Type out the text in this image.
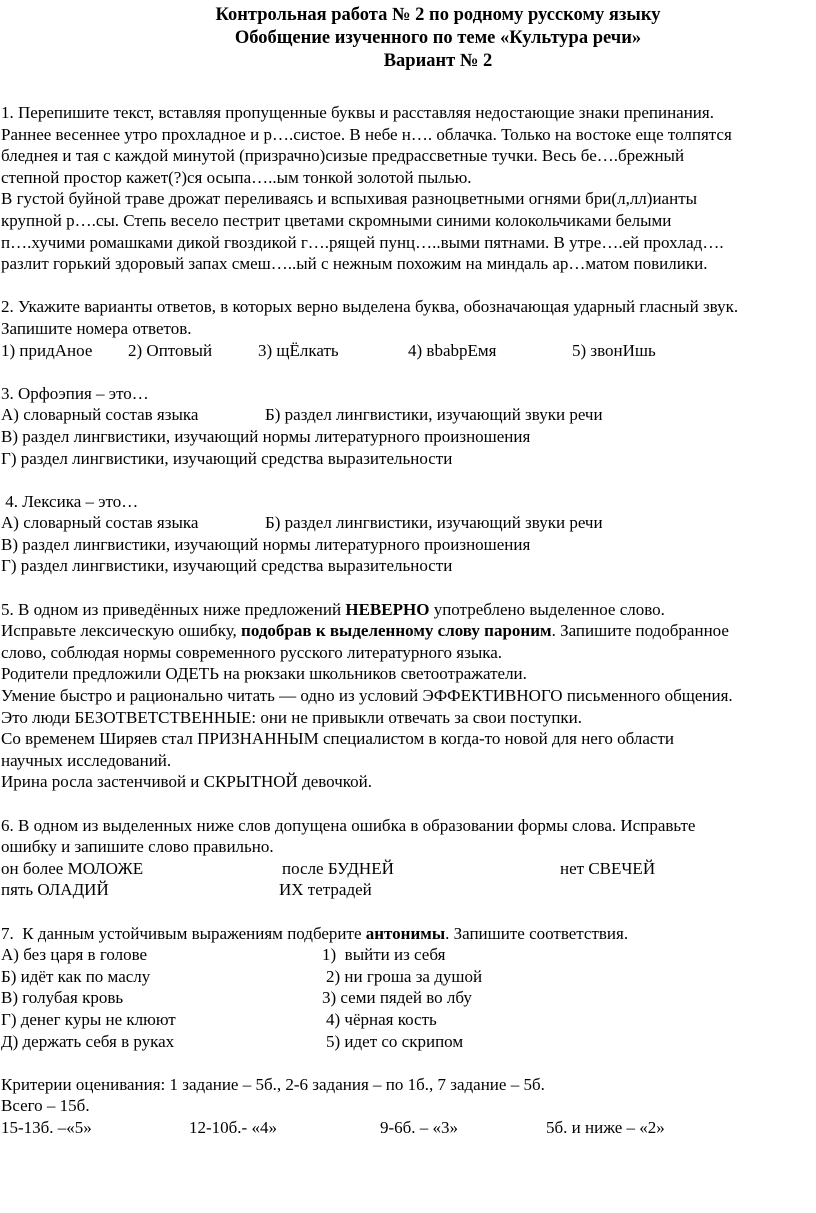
Контрольная работа № 2 по родному русскому языку
Обобщение изученного по теме «Культура речи»
Вариант № 2

1. Перепишите текст, вставляя пропущенные буквы и расставляя недостающие знаки препинания.

Раннее весеннее утро прохладное и р….систое. В небе н…. облачка. Только на востоке еще толпятся

бледнея и тая с каждой минутой (призрачно)сизые предрассветные тучки. Весь бе….брежный

степной простор кажет(?)ся осыпа…..ым тонкой золотой пылью.

В густой буйной траве дрожат переливаясь и вспыхивая разноцветными огнями бри(л,лл)ианты

крупной р….сы. Степь весело пестрит цветами скромными синими колокольчиками белыми

п….хучими ромашками дикой гвоздикой г….рящей пунц…..выми пятнами. В утре….ей прохлад….

разлит горький здоровый запах смеш…..ый с нежным похожим на миндаль ар…матом повилики.

2. Укажите варианты ответов, в которых верно выделена буква, обозначающая ударный гласный звук.

Запишите номера ответов.

1) придАное 2) Оптовый	3) щЁлкать	4) вbabрЕмя	5) звонИшь

3. Орфоэпия – это…

А) словарный состав языка	Б) раздел лингвистики, изучающий звуки речи

В) раздел лингвистики, изучающий нормы литературного произношения

Г) раздел лингвистики, изучающий средства выразительности

4. Лексика – это…

А) словарный состав языка	Б) раздел лингвистики, изучающий звуки речи

В) раздел лингвистики, изучающий нормы литературного произношения

Г) раздел лингвистики, изучающий средства выразительности

5. В одном из приведённых ниже предложений НЕВЕРНО употреблено выделенное слово.

Исправьте лексическую ошибку, подобрав к выделенному слову пароним. Запишите подобранное

слово, соблюдая нормы современного русского литературного языка.

Родители предложили ОДЕТЬ на рюкзаки школьников светоотражатели.

Умение быстро и рационально читать — одно из условий ЭФФЕКТИВНОГО письменного общения.

Это люди БЕЗОТВЕТСТВЕННЫЕ: они не привыкли отвечать за свои поступки.

Со временем Ширяев стал ПРИЗНАННЫМ специалистом в когда-то новой для него области

научных исследований.

Ирина росла застенчивой и СКРЫТНОЙ девочкой.

6. В одном из выделенных ниже слов допущена ошибка в образовании формы слова. Исправьте

ошибку и запишите слово правильно.

он более МОЛОЖЕ	после БУДНЕЙ	нет СВЕЧЕЙ
пять ОЛАДИЙ	ИХ тетрадей

7.  К данным устойчивым выражениям подберите антонимы. Запишите соответствия.

А) без царя в голове	1)  выйти из себя
Б) идёт как по маслу	2) ни гроша за душой
В) голубая кровь	3) семи пядей во лбу
Г) денег куры не клюют	4) чёрная кость
Д) держать себя в руках	5) идет со скрипом

Критерии оценивания: 1 задание – 5б., 2-6 задания – по 1б., 7 задание – 5б.

Всего – 15б.

15-13б. –«5»	12-10б.- «4»	9-6б. – «3»	5б. и ниже – «2»
